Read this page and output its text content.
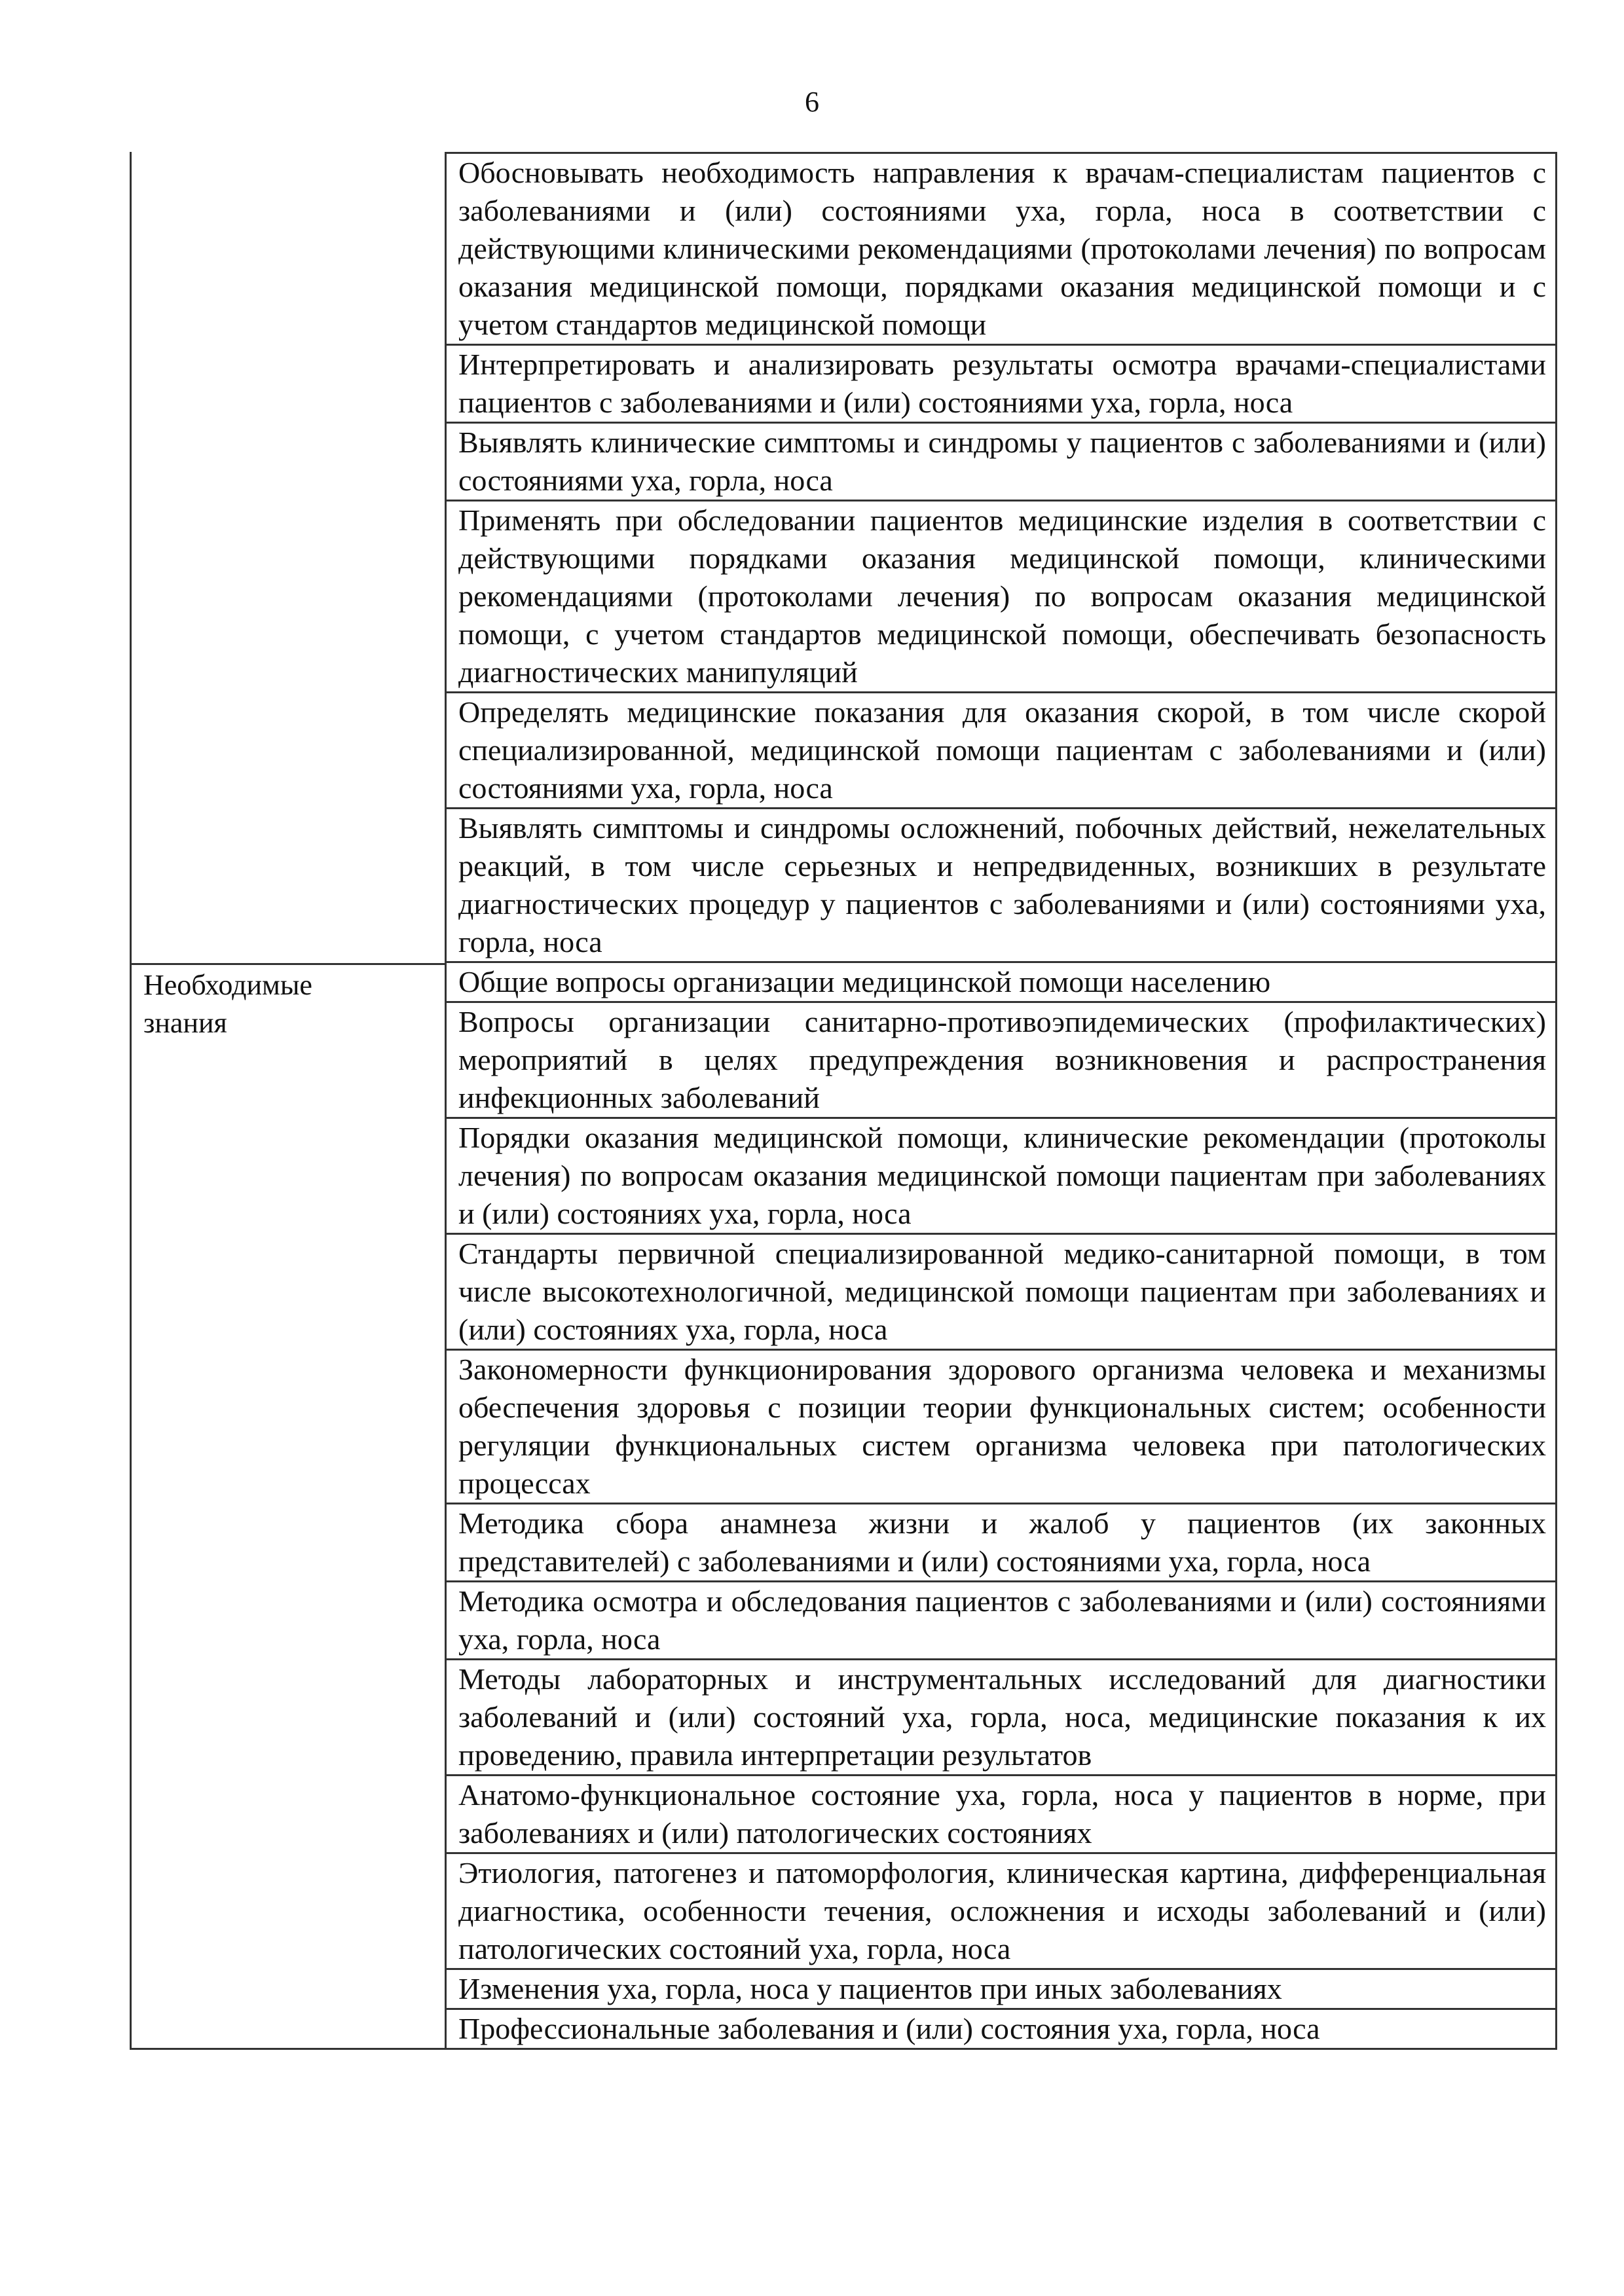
6
Обосновывать необходимость направления к врачам-специалистам пациентов с заболеваниями и (или) состояниями уха, горла, носа в соответствии с действующими клиническими рекомендациями (протоколами лечения) по вопросам оказания медицинской помощи, порядками оказания медицинской помощи и с учетом стандартов медицинской помощи
Интерпретировать и анализировать результаты осмотра врачами-специалистами пациентов с заболеваниями и (или) состояниями уха, горла, носа
Выявлять клинические симптомы и синдромы у пациентов с заболеваниями и (или) состояниями уха, горла, носа
Применять при обследовании пациентов медицинские изделия в соответствии с действующими порядками оказания медицинской помощи, клиническими рекомендациями (протоколами лечения) по вопросам оказания медицинской помощи, с учетом стандартов медицинской помощи, обеспечивать безопасность диагностических манипуляций
Определять медицинские показания для оказания скорой, в том числе скорой специализированной, медицинской помощи пациентам с заболеваниями и (или) состояниями уха, горла, носа
Выявлять симптомы и синдромы осложнений, побочных действий, нежелательных реакций, в том числе серьезных и непредвиденных, возникших в результате диагностических процедур у пациентов с заболеваниями и (или) состояниями уха, горла, носа
Необходимые
знания
Общие вопросы организации медицинской помощи населению
Вопросы организации санитарно-противоэпидемических (профилактических) мероприятий в целях предупреждения возникновения и распространения инфекционных заболеваний
Порядки оказания медицинской помощи, клинические рекомендации (протоколы лечения) по вопросам оказания медицинской помощи пациентам при заболеваниях и (или) состояниях уха, горла, носа
Стандарты первичной специализированной медико-санитарной помощи, в том числе высокотехнологичной, медицинской помощи пациентам при заболеваниях и (или) состояниях уха, горла, носа
Закономерности функционирования здорового организма человека и механизмы обеспечения здоровья с позиции теории функциональных систем; особенности регуляции функциональных систем организма человека при патологических процессах
Методика сбора анамнеза жизни и жалоб у пациентов (их законных представителей) с заболеваниями и (или) состояниями уха, горла, носа
Методика осмотра и обследования пациентов с заболеваниями и (или) состояниями уха, горла, носа
Методы лабораторных и инструментальных исследований для диагностики заболеваний и (или) состояний уха, горла, носа, медицинские показания к их проведению, правила интерпретации результатов
Анатомо-функциональное состояние уха, горла, носа у пациентов в норме, при заболеваниях и (или) патологических состояниях
Этиология, патогенез и патоморфология, клиническая картина, дифференциальная диагностика, особенности течения, осложнения и исходы заболеваний и (или) патологических состояний уха, горла, носа
Изменения уха, горла, носа у пациентов при иных заболеваниях
Профессиональные заболевания и (или) состояния уха, горла, носа
